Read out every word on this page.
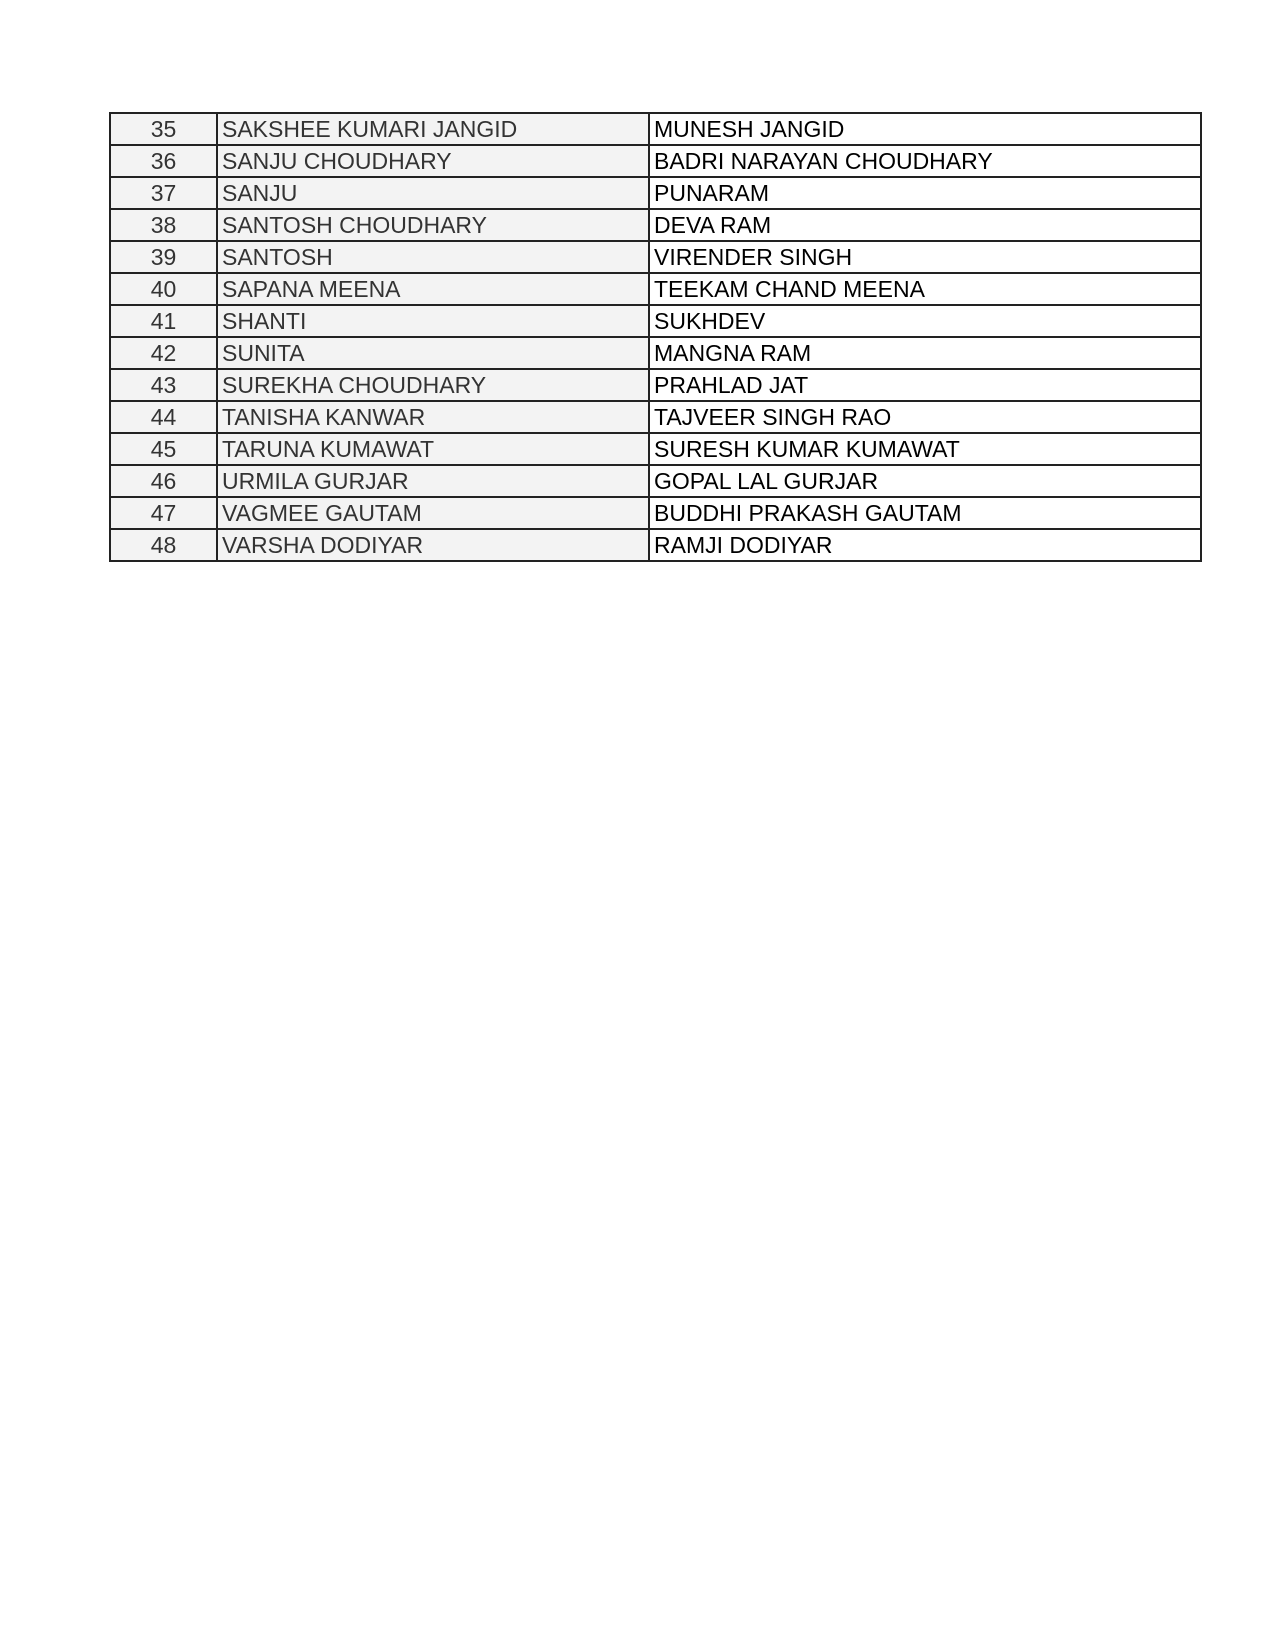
35	SAKSHEE KUMARI JANGID	MUNESH JANGID
36	SANJU CHOUDHARY	BADRI NARAYAN CHOUDHARY
37	SANJU	PUNARAM
38	SANTOSH CHOUDHARY	DEVA RAM
39	SANTOSH	VIRENDER SINGH
40	SAPANA MEENA	TEEKAM CHAND MEENA
41	SHANTI	SUKHDEV
42	SUNITA	MANGNA RAM
43	SUREKHA CHOUDHARY	PRAHLAD JAT
44	TANISHA KANWAR	TAJVEER SINGH RAO
45	TARUNA KUMAWAT	SURESH KUMAR KUMAWAT
46	URMILA GURJAR	GOPAL LAL GURJAR
47	VAGMEE GAUTAM	BUDDHI PRAKASH GAUTAM
48	VARSHA DODIYAR	RAMJI DODIYAR
